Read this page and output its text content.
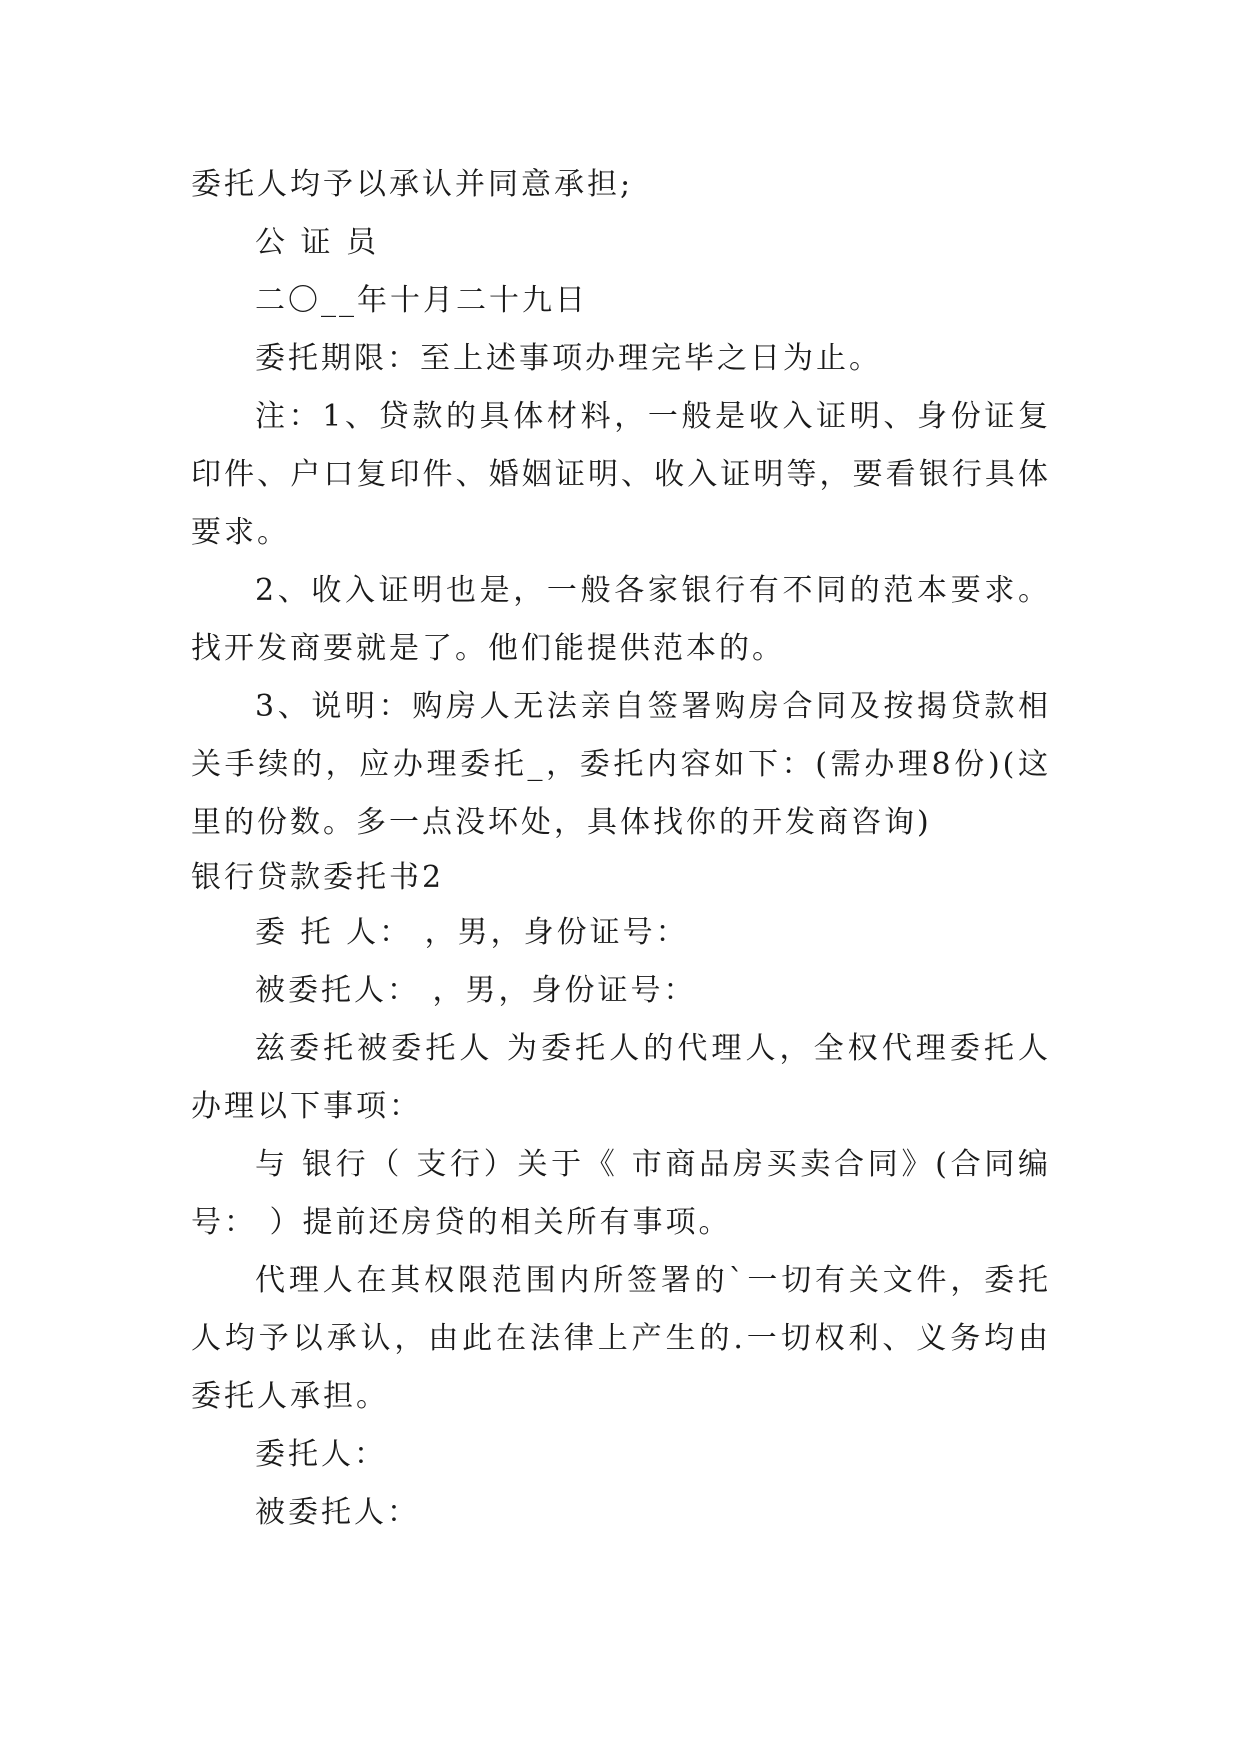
委托人均予以承认并同意承担;

公 证 员

二〇__年十月二十九日

委托期限：至上述事项办理完毕之日为止。

注：1、贷款的具体材料，一般是收入证明、身份证复印件、户口复印件、婚姻证明、收入证明等，要看银行具体要求。

2、收入证明也是，一般各家银行有不同的范本要求。找开发商要就是了。他们能提供范本的。

3、说明：购房人无法亲自签署购房合同及按揭贷款相关手续的，应办理委托_，委托内容如下：(需办理8份)(这里的份数。多一点没坏处，具体找你的开发商咨询)

银行贷款委托书2

委 托 人： ，男，身份证号：

被委托人： ，男，身份证号：

兹委托被委托人 为委托人的代理人，全权代理委托人办理以下事项：

与 银行（ 支行）关于《 市商品房买卖合同》(合同编号： ）提前还房贷的相关所有事项。

代理人在其权限范围内所签署的`一切有关文件，委托人均予以承认，由此在法律上产生的.一切权利、义务均由委托人承担。

委托人：

被委托人：
